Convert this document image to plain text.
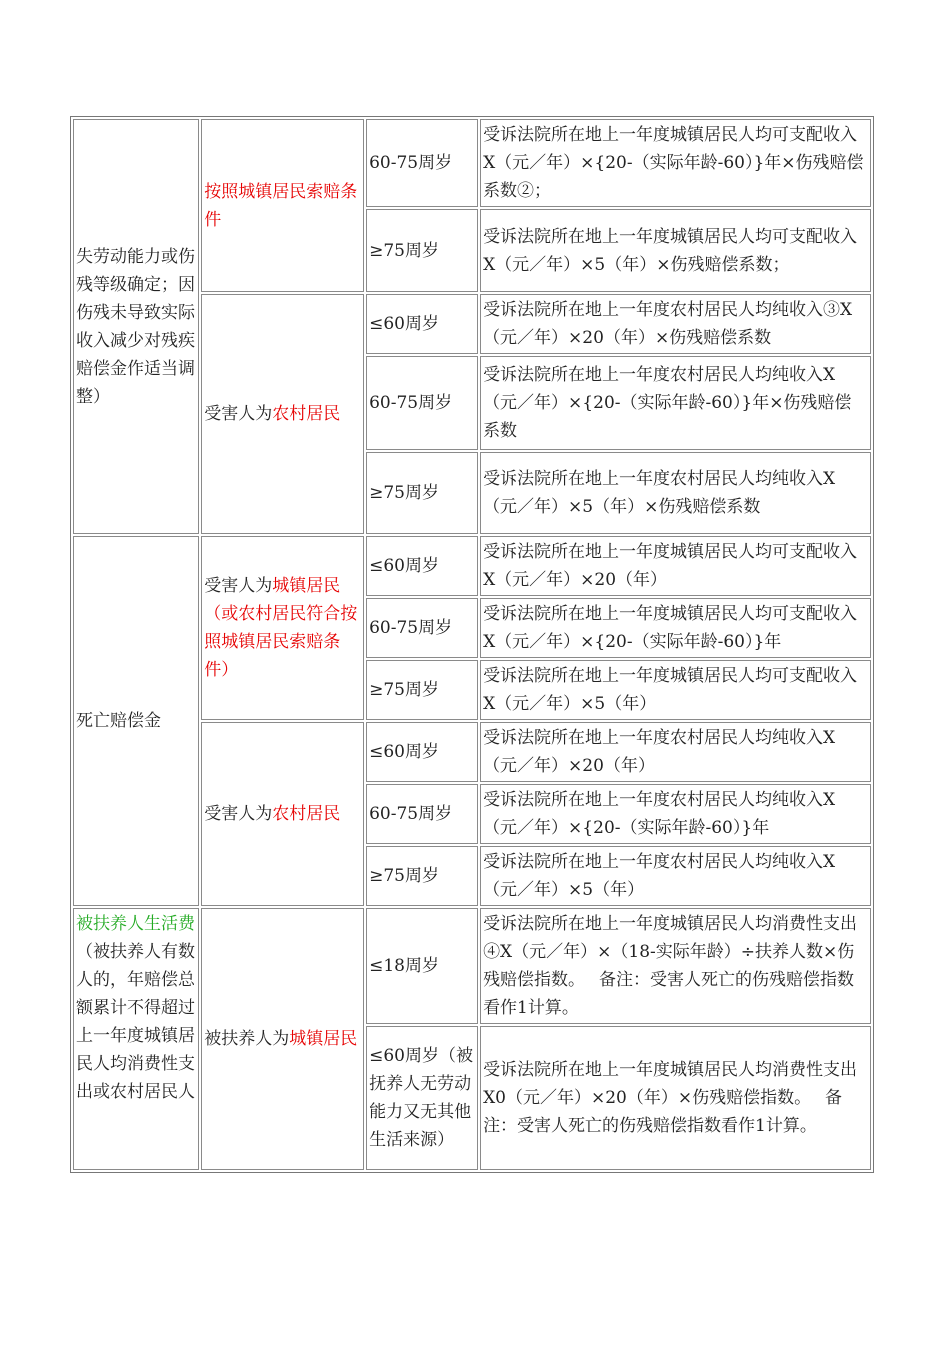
失劳动能力或伤残等级确定；因伤残未导致实际收入减少对残疾赔偿金作适当调整）	按照城镇居民索赔条件	60-75周岁	受诉法院所在地上一年度城镇居民人均可支配收入X（元／年）×{20-（实际年龄-60）}年×伤残赔偿系数②；
		≥75周岁	受诉法院所在地上一年度城镇居民人均可支配收入X（元／年）×5（年）×伤残赔偿系数；
	受害人为农村居民	≤60周岁	受诉法院所在地上一年度农村居民人均纯收入③X（元／年）×20（年）×伤残赔偿系数
		60-75周岁	受诉法院所在地上一年度农村居民人均纯收入X（元／年）×{20-（实际年龄-60）}年×伤残赔偿系数
		≥75周岁	受诉法院所在地上一年度农村居民人均纯收入X（元／年）×5（年）×伤残赔偿系数
死亡赔偿金	受害人为城镇居民（或农村居民符合按照城镇居民索赔条件）	≤60周岁	受诉法院所在地上一年度城镇居民人均可支配收入X（元／年）×20（年）
		60-75周岁	受诉法院所在地上一年度城镇居民人均可支配收入X（元／年）×{20-（实际年龄-60）}年
		≥75周岁	受诉法院所在地上一年度城镇居民人均可支配收入X（元／年）×5（年）
	受害人为农村居民	≤60周岁	受诉法院所在地上一年度农村居民人均纯收入X（元／年）×20（年）
		60-75周岁	受诉法院所在地上一年度农村居民人均纯收入X（元／年）×{20-（实际年龄-60）}年
		≥75周岁	受诉法院所在地上一年度农村居民人均纯收入X（元／年）×5（年）
被扶养人生活费
（被扶养人有数人的，年赔偿总额累计不得超过上一年度城镇居民人均消费性支出或农村居民人	被扶养人为城镇居民	≤18周岁	受诉法院所在地上一年度城镇居民人均消费性支出④X（元／年）×（18-实际年龄）÷扶养人数×伤残赔偿指数。　 备注：受害人死亡的伤残赔偿指数看作1计算。
		≤60周岁（被抚养人无劳动能力又无其他生活来源）	受诉法院所在地上一年度城镇居民人均消费性支出X0（元／年）×20（年）×伤残赔偿指数。　 备注：受害人死亡的伤残赔偿指数看作1计算。
